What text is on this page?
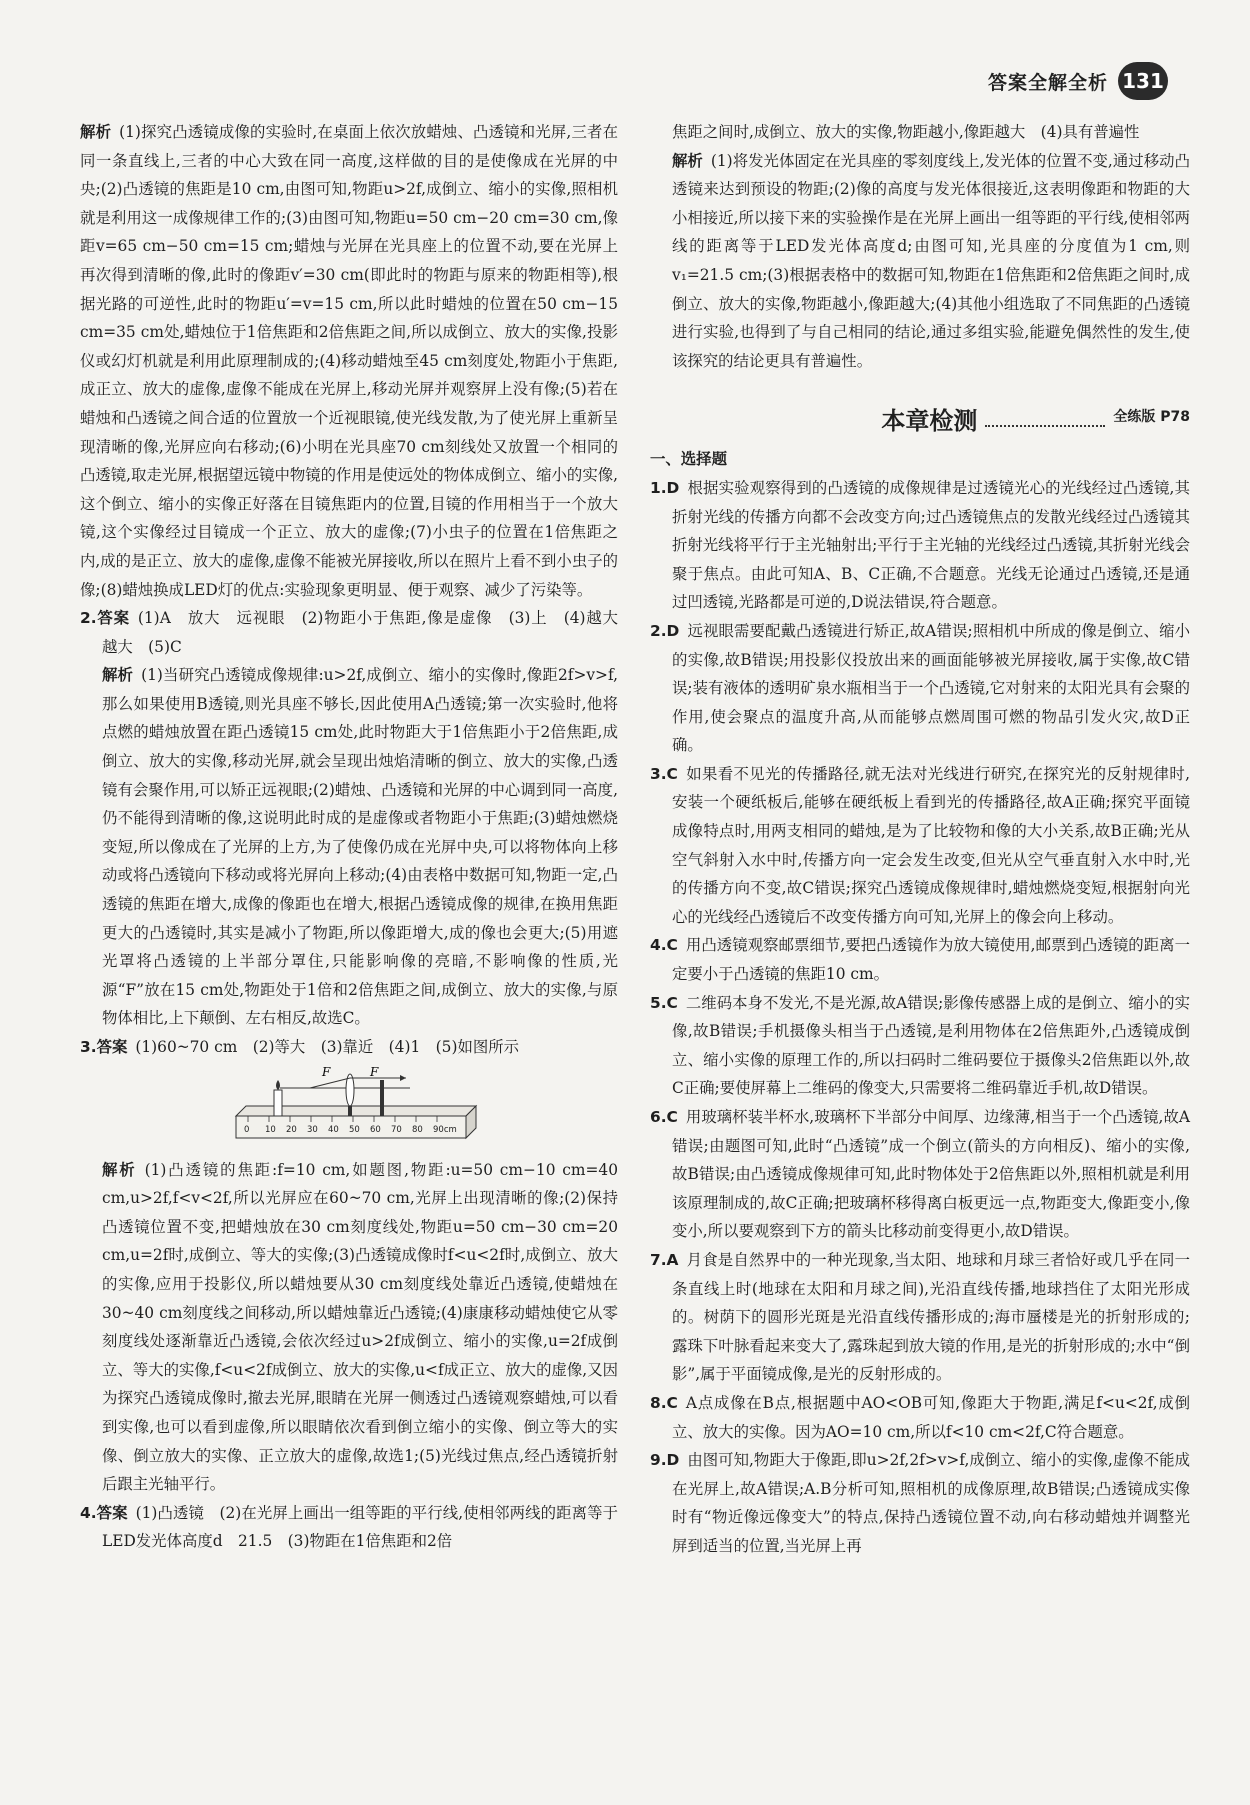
答案全解全析 131

解析 (1)探究凸透镜成像的实验时,在桌面上依次放蜡烛、凸透镜和光屏,三者在同一条直线上,三者的中心大致在同一高度,这样做的目的是使像成在光屏的中央;(2)凸透镜的焦距是10 cm,由图可知,物距u>2f,成倒立、缩小的实像,照相机就是利用这一成像规律工作的;(3)由图可知,物距u=50 cm−20 cm=30 cm,像距v=65 cm−50 cm=15 cm;蜡烛与光屏在光具座上的位置不动,要在光屏上再次得到清晰的像,此时的像距v′=30 cm(即此时的物距与原来的物距相等),根据光路的可逆性,此时的物距u′=v=15 cm,所以此时蜡烛的位置在50 cm−15 cm=35 cm处,蜡烛位于1倍焦距和2倍焦距之间,所以成倒立、放大的实像,投影仪或幻灯机就是利用此原理制成的;(4)移动蜡烛至45 cm刻度处,物距小于焦距,成正立、放大的虚像,虚像不能成在光屏上,移动光屏并观察屏上没有像;(5)若在蜡烛和凸透镜之间合适的位置放一个近视眼镜,使光线发散,为了使光屏上重新呈现清晰的像,光屏应向右移动;(6)小明在光具座70 cm刻线处又放置一个相同的凸透镜,取走光屏,根据望远镜中物镜的作用是使远处的物体成倒立、缩小的实像,这个倒立、缩小的实像正好落在目镜焦距内的位置,目镜的作用相当于一个放大镜,这个实像经过目镜成一个正立、放大的虚像;(7)小虫子的位置在1倍焦距之内,成的是正立、放大的虚像,虚像不能被光屏接收,所以在照片上看不到小虫子的像;(8)蜡烛换成LED灯的优点:实验现象更明显、便于观察、减少了污染等。

2.答案 (1)A　放大　远视眼　(2)物距小于焦距,像是虚像　(3)上　(4)越大　越大　(5)C

解析 (1)当研究凸透镜成像规律:u>2f,成倒立、缩小的实像时,像距2f>v>f,那么如果使用B透镜,则光具座不够长,因此使用A凸透镜;第一次实验时,他将点燃的蜡烛放置在距凸透镜15 cm处,此时物距大于1倍焦距小于2倍焦距,成倒立、放大的实像,移动光屏,就会呈现出烛焰清晰的倒立、放大的实像,凸透镜有会聚作用,可以矫正远视眼;(2)蜡烛、凸透镜和光屏的中心调到同一高度,仍不能得到清晰的像,这说明此时成的是虚像或者物距小于焦距;(3)蜡烛燃烧变短,所以像成在了光屏的上方,为了使像仍成在光屏中央,可以将物体向上移动或将凸透镜向下移动或将光屏向上移动;(4)由表格中数据可知,物距一定,凸透镜的焦距在增大,成像的像距也在增大,根据凸透镜成像的规律,在换用焦距更大的凸透镜时,其实是减小了物距,所以像距增大,成的像也会更大;(5)用遮光罩将凸透镜的上半部分罩住,只能影响像的亮暗,不影响像的性质,光源“F”放在15 cm处,物距处于1倍和2倍焦距之间,成倒立、放大的实像,与原物体相比,上下颠倒、左右相反,故选C。

3.答案 (1)60~70 cm　(2)等大　(3)靠近　(4)1　(5)如图所示

F	F
0 10 20 30 40 50 60 70 80 90cm

解析 (1)凸透镜的焦距:f=10 cm,如题图,物距:u=50 cm−10 cm=40 cm,u>2f,f<v<2f,所以光屏应在60~70 cm,光屏上出现清晰的像;(2)保持凸透镜位置不变,把蜡烛放在30 cm刻度线处,物距u=50 cm−30 cm=20 cm,u=2f时,成倒立、等大的实像;(3)凸透镜成像时f<u<2f时,成倒立、放大的实像,应用于投影仪,所以蜡烛要从30 cm刻度线处靠近凸透镜,使蜡烛在30~40 cm刻度线之间移动,所以蜡烛靠近凸透镜;(4)康康移动蜡烛使它从零刻度线处逐渐靠近凸透镜,会依次经过u>2f成倒立、缩小的实像,u=2f成倒立、等大的实像,f<u<2f成倒立、放大的实像,u<f成正立、放大的虚像,又因为探究凸透镜成像时,撤去光屏,眼睛在光屏一侧透过凸透镜观察蜡烛,可以看到实像,也可以看到虚像,所以眼睛依次看到倒立缩小的实像、倒立等大的实像、倒立放大的实像、正立放大的虚像,故选1;(5)光线过焦点,经凸透镜折射后跟主光轴平行。

4.答案 (1)凸透镜　(2)在光屏上画出一组等距的平行线,使相邻两线的距离等于LED发光体高度d　21.5　(3)物距在1倍焦距和2倍

焦距之间时,成倒立、放大的实像,物距越小,像距越大　(4)具有普遍性

解析 (1)将发光体固定在光具座的零刻度线上,发光体的位置不变,通过移动凸透镜来达到预设的物距;(2)像的高度与发光体很接近,这表明像距和物距的大小相接近,所以接下来的实验操作是在光屏上画出一组等距的平行线,使相邻两线的距离等于LED发光体高度d;由图可知,光具座的分度值为1 cm,则v₁=21.5 cm;(3)根据表格中的数据可知,物距在1倍焦距和2倍焦距之间时,成倒立、放大的实像,物距越小,像距越大;(4)其他小组选取了不同焦距的凸透镜进行实验,也得到了与自己相同的结论,通过多组实验,能避免偶然性的发生,使该探究的结论更具有普遍性。

本章检测	全练版 P78

一、选择题

1.D 根据实验观察得到的凸透镜的成像规律是过透镜光心的光线经过凸透镜,其折射光线的传播方向都不会改变方向;过凸透镜焦点的发散光线经过凸透镜其折射光线将平行于主光轴射出;平行于主光轴的光线经过凸透镜,其折射光线会聚于焦点。由此可知A、B、C正确,不合题意。光线无论通过凸透镜,还是通过凹透镜,光路都是可逆的,D说法错误,符合题意。

2.D 远视眼需要配戴凸透镜进行矫正,故A错误;照相机中所成的像是倒立、缩小的实像,故B错误;用投影仪投放出来的画面能够被光屏接收,属于实像,故C错误;装有液体的透明矿泉水瓶相当于一个凸透镜,它对射来的太阳光具有会聚的作用,使会聚点的温度升高,从而能够点燃周围可燃的物品引发火灾,故D正确。

3.C 如果看不见光的传播路径,就无法对光线进行研究,在探究光的反射规律时,安装一个硬纸板后,能够在硬纸板上看到光的传播路径,故A正确;探究平面镜成像特点时,用两支相同的蜡烛,是为了比较物和像的大小关系,故B正确;光从空气斜射入水中时,传播方向一定会发生改变,但光从空气垂直射入水中时,光的传播方向不变,故C错误;探究凸透镜成像规律时,蜡烛燃烧变短,根据射向光心的光线经凸透镜后不改变传播方向可知,光屏上的像会向上移动。

4.C 用凸透镜观察邮票细节,要把凸透镜作为放大镜使用,邮票到凸透镜的距离一定要小于凸透镜的焦距10 cm。

5.C 二维码本身不发光,不是光源,故A错误;影像传感器上成的是倒立、缩小的实像,故B错误;手机摄像头相当于凸透镜,是利用物体在2倍焦距外,凸透镜成倒立、缩小实像的原理工作的,所以扫码时二维码要位于摄像头2倍焦距以外,故C正确;要使屏幕上二维码的像变大,只需要将二维码靠近手机,故D错误。

6.C 用玻璃杯装半杯水,玻璃杯下半部分中间厚、边缘薄,相当于一个凸透镜,故A错误;由题图可知,此时“凸透镜”成一个倒立(箭头的方向相反)、缩小的实像,故B错误;由凸透镜成像规律可知,此时物体处于2倍焦距以外,照相机就是利用该原理制成的,故C正确;把玻璃杯移得离白板更远一点,物距变大,像距变小,像变小,所以要观察到下方的箭头比移动前变得更小,故D错误。

7.A 月食是自然界中的一种光现象,当太阳、地球和月球三者恰好或几乎在同一条直线上时(地球在太阳和月球之间),光沿直线传播,地球挡住了太阳光形成的。树荫下的圆形光斑是光沿直线传播形成的;海市蜃楼是光的折射形成的;露珠下叶脉看起来变大了,露珠起到放大镜的作用,是光的折射形成的;水中“倒影”,属于平面镜成像,是光的反射形成的。

8.C A点成像在B点,根据题中AO<OB可知,像距大于物距,满足f<u<2f,成倒立、放大的实像。因为AO=10 cm,所以f<10 cm<2f,C符合题意。

9.D 由图可知,物距大于像距,即u>2f,2f>v>f,成倒立、缩小的实像,虚像不能成在光屏上,故A错误;A.B分析可知,照相机的成像原理,故B错误;凸透镜成实像时有“物近像远像变大”的特点,保持凸透镜位置不动,向右移动蜡烛并调整光屏到适当的位置,当光屏上再
